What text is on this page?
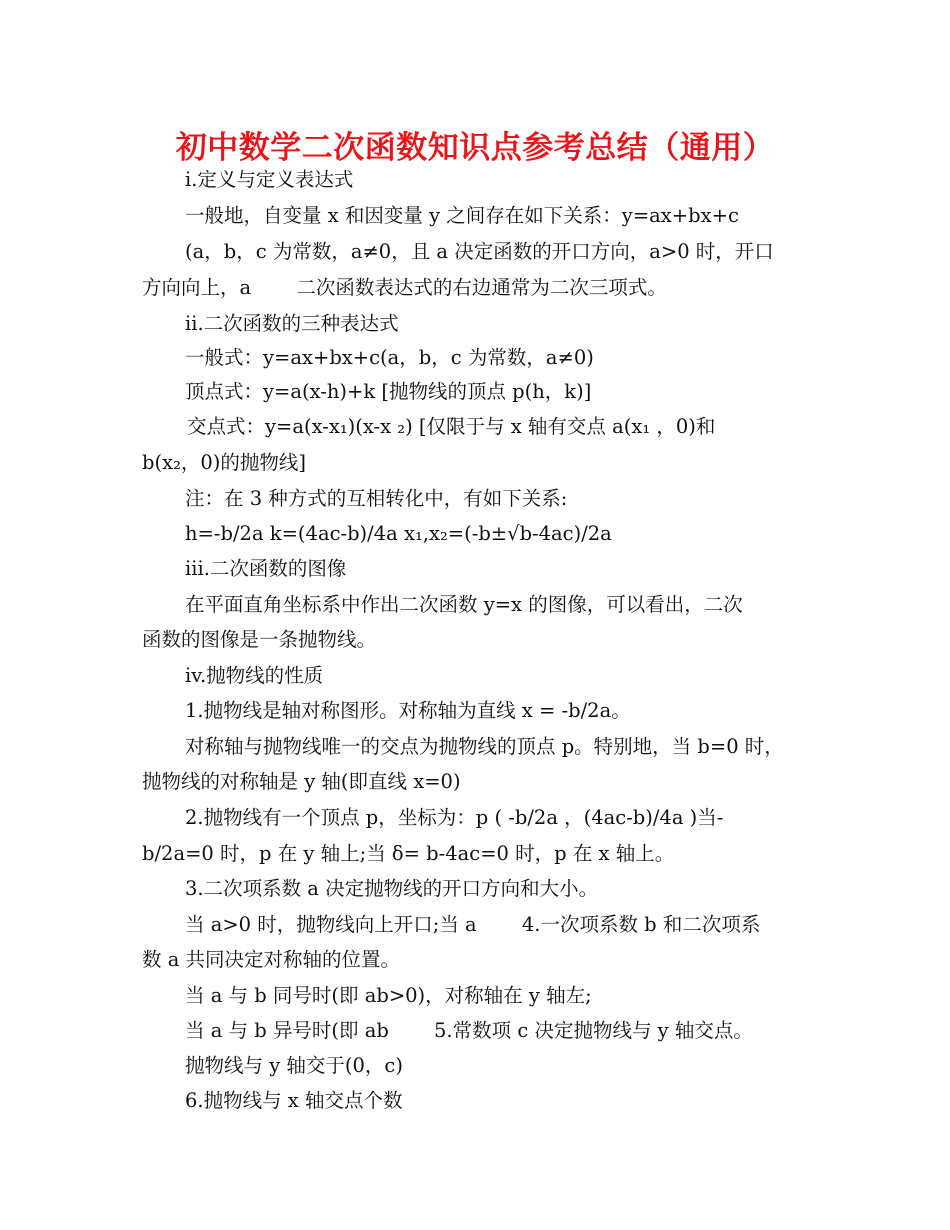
初中数学二次函数知识点参考总结（通用）
i.定义与定义表达式
一般地，自变量 x 和因变量 y 之间存在如下关系：y=ax+bx+c
(a，b，c 为常数，a≠0，且 a 决定函数的开口方向，a>0 时，开口
方向向上，a　　 二次函数表达式的右边通常为二次三项式。
ii.二次函数的三种表达式
一般式：y=ax+bx+c(a，b，c 为常数，a≠0)
顶点式：y=a(x-h)+k [抛物线的顶点 p(h，k)]
交点式：y=a(x-x₁)(x-x ₂) [仅限于与 x 轴有交点 a(x₁ ，0)和
b(x₂，0)的抛物线]
注：在 3 种方式的互相转化中，有如下关系:
h=-b/2a k=(4ac-b)/4a x₁,x₂=(-b±√b-4ac)/2a
iii.二次函数的图像
在平面直角坐标系中作出二次函数 y=x 的图像，可以看出，二次
函数的图像是一条抛物线。
iv.抛物线的性质
1.抛物线是轴对称图形。对称轴为直线 x = -b/2a。
对称轴与抛物线唯一的交点为抛物线的顶点 p。特别地，当 b=0 时，
抛物线的对称轴是 y 轴(即直线 x=0)
2.抛物线有一个顶点 p，坐标为：p ( -b/2a ，(4ac-b)/4a )当-
b/2a=0 时，p 在 y 轴上;当 δ= b-4ac=0 时，p 在 x 轴上。
3.二次项系数 a 决定抛物线的开口方向和大小。
当 a>0 时，抛物线向上开口;当 a　　 4.一次项系数 b 和二次项系
数 a 共同决定对称轴的位置。
当 a 与 b 同号时(即 ab>0)，对称轴在 y 轴左;
当 a 与 b 异号时(即 ab　　 5.常数项 c 决定抛物线与 y 轴交点。
抛物线与 y 轴交于(0，c)
6.抛物线与 x 轴交点个数
